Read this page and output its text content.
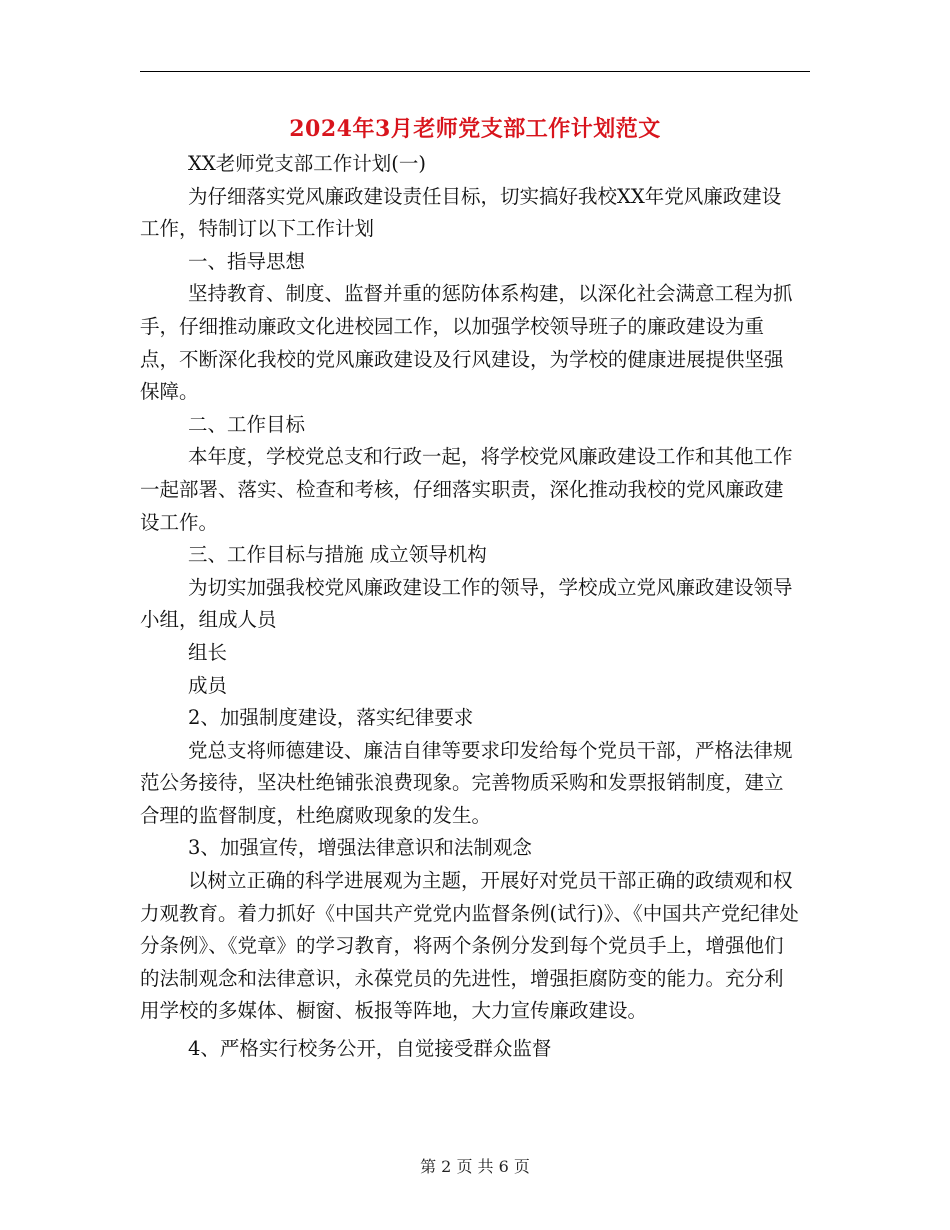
2024年3月老师党支部工作计划范文

XX老师党支部工作计划(一)

为仔细落实党风廉政建设责任目标，切实搞好我校XX年党风廉政建设工作，特制订以下工作计划

一、指导思想

坚持教育、制度、监督并重的惩防体系构建，以深化社会满意工程为抓手，仔细推动廉政文化进校园工作，以加强学校领导班子的廉政建设为重点，不断深化我校的党风廉政建设及行风建设，为学校的健康进展提供坚强保障。

二、工作目标

本年度，学校党总支和行政一起，将学校党风廉政建设工作和其他工作一起部署、落实、检查和考核，仔细落实职责，深化推动我校的党风廉政建设工作。

三、工作目标与措施 成立领导机构

为切实加强我校党风廉政建设工作的领导，学校成立党风廉政建设领导小组，组成人员

组长

成员

2、加强制度建设，落实纪律要求

党总支将师德建设、廉洁自律等要求印发给每个党员干部，严格法律规范公务接待，坚决杜绝铺张浪费现象。完善物质采购和发票报销制度，建立合理的监督制度，杜绝腐败现象的发生。

3、加强宣传，增强法律意识和法制观念

以树立正确的科学进展观为主题，开展好对党员干部正确的政绩观和权力观教育。着力抓好《中国共产党党内监督条例(试行)》、《中国共产党纪律处分条例》、《党章》的学习教育，将两个条例分发到每个党员手上，增强他们的法制观念和法律意识，永葆党员的先进性，增强拒腐防变的能力。充分利用学校的多媒体、橱窗、板报等阵地，大力宣传廉政建设。

4、严格实行校务公开，自觉接受群众监督

第 2 页 共 6 页
